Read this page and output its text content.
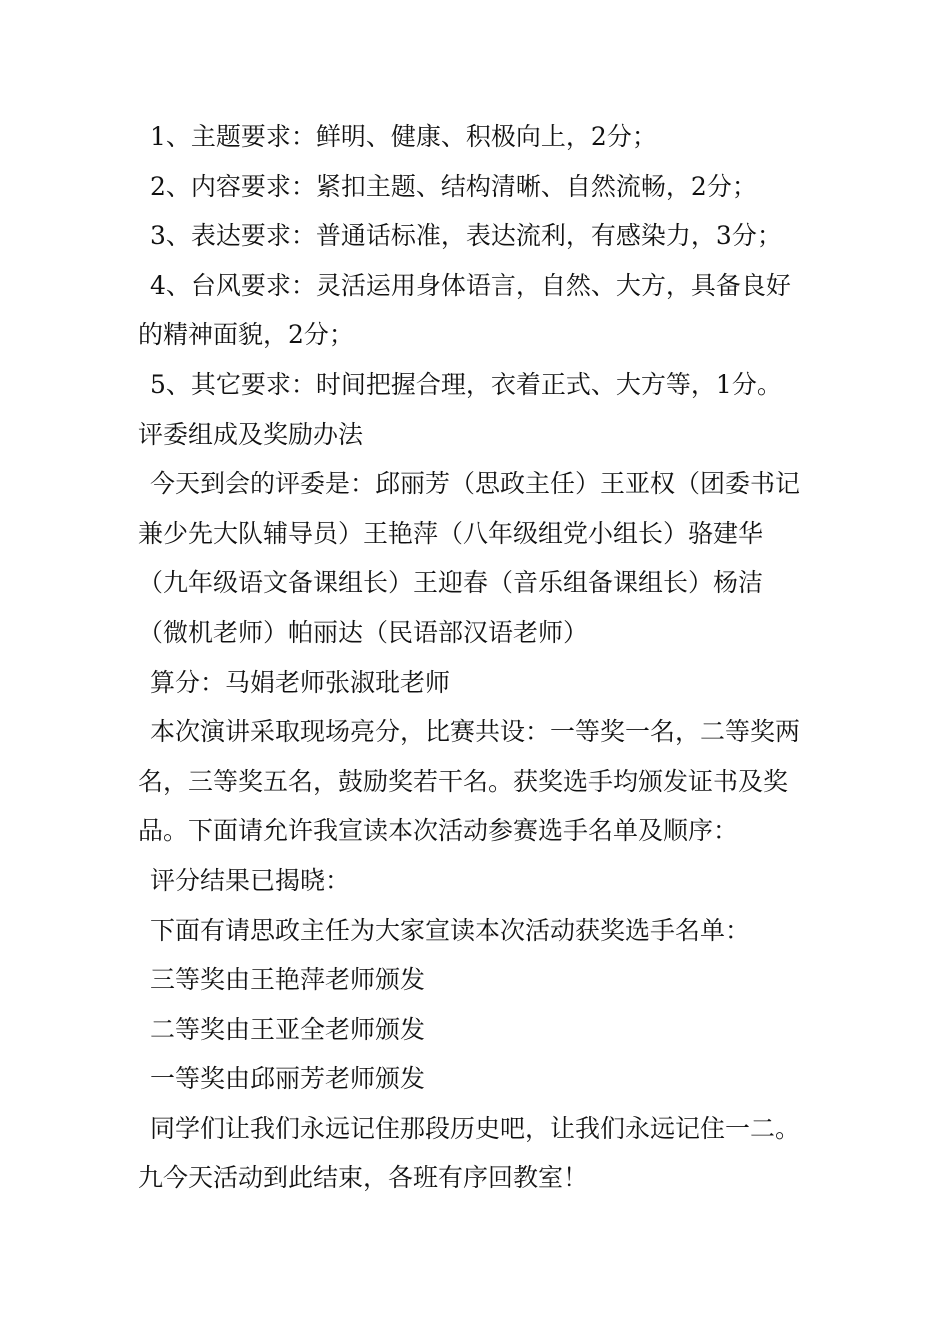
1、主题要求：鲜明、健康、积极向上，2分；
2、内容要求：紧扣主题、结构清晰、自然流畅，2分；
3、表达要求：普通话标准，表达流利，有感染力，3分；
4、台风要求：灵活运用身体语言，自然、大方，具备良好
的精神面貌，2分；
5、其它要求：时间把握合理，衣着正式、大方等，1分。
评委组成及奖励办法
今天到会的评委是：邱丽芳（思政主任）王亚权（团委书记
兼少先大队辅导员）王艳萍（八年级组党小组长）骆建华
（九年级语文备课组长）王迎春（音乐组备课组长）杨洁
（微机老师）帕丽达（民语部汉语老师）
算分：马娟老师张淑玭老师
本次演讲采取现场亮分，比赛共设：一等奖一名，二等奖两
名，三等奖五名，鼓励奖若干名。获奖选手均颁发证书及奖
品。下面请允许我宣读本次活动参赛选手名单及顺序：
评分结果已揭晓：
下面有请思政主任为大家宣读本次活动获奖选手名单：
三等奖由王艳萍老师颁发
二等奖由王亚全老师颁发
一等奖由邱丽芳老师颁发
同学们让我们永远记住那段历史吧，让我们永远记住一二。
九今天活动到此结束，各班有序回教室！
